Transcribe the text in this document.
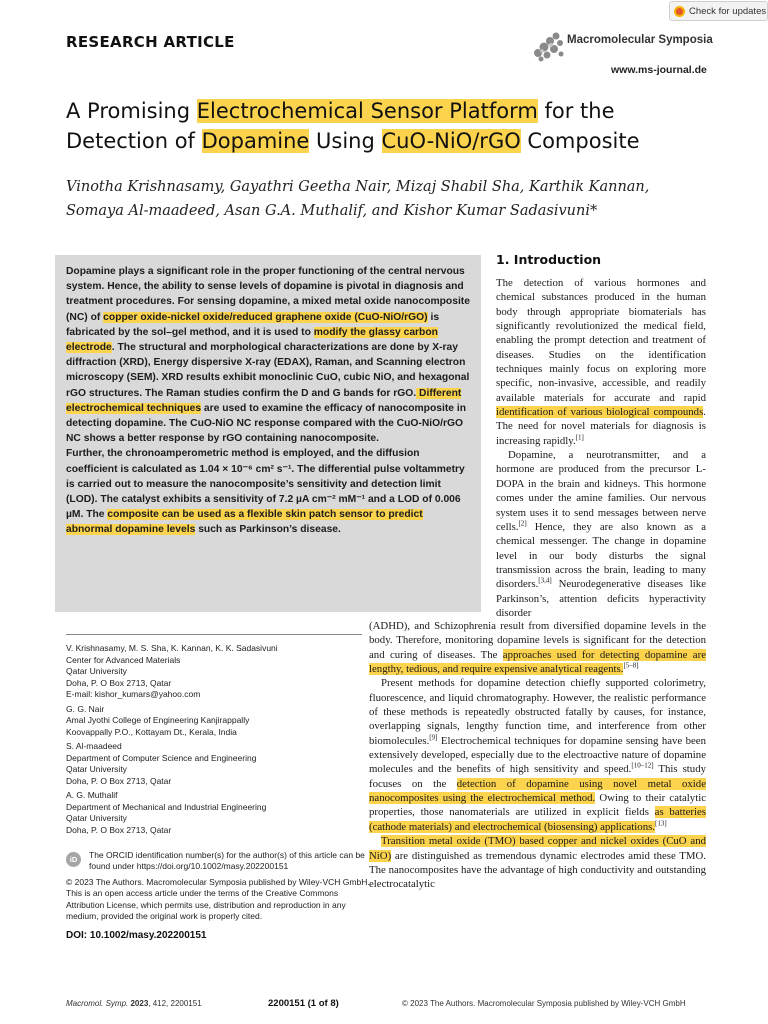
Check for updates
RESEARCH ARTICLE	Macromolecular Symposia
www.ms-journal.de
A Promising Electrochemical Sensor Platform for the Detection of Dopamine Using CuO-NiO/rGO Composite
Vinotha Krishnasamy, Gayathri Geetha Nair, Mizaj Shabil Sha, Karthik Kannan, Somaya Al-maadeed, Asan G.A. Muthalif, and Kishor Kumar Sadasivuni*

Dopamine plays a significant role in the proper functioning of the central nervous system. Hence, the ability to sense levels of dopamine is pivotal in diagnosis and treatment procedures. For sensing dopamine, a mixed metal oxide nanocomposite (NC) of copper oxide-nickel oxide/reduced graphene oxide (CuO-NiO/rGO) is fabricated by the sol–gel method, and it is used to modify the glassy carbon electrode. The structural and morphological characterizations are done by X-ray diffraction (XRD), Energy dispersive X-ray (EDAX), Raman, and Scanning electron microscopy (SEM). XRD results exhibit monoclinic CuO, cubic NiO, and hexagonal rGO structures. The Raman studies confirm the D and G bands for rGO. Different electrochemical techniques are used to examine the efficacy of nanocomposite in detecting dopamine. The CuO-NiO NC response compared with the CuO-NiO/rGO NC shows a better response by rGO containing nanocomposite.

Further, the chronoamperometric method is employed, and the diffusion coefficient is calculated as 1.04 × 10⁻⁶ cm² s⁻¹. The differential pulse voltammetry is carried out to measure the nanocomposite’s sensitivity and detection limit (LOD). The catalyst exhibits a sensitivity of 7.2 µA cm⁻² mM⁻¹ and a LOD of 0.006 µM. The composite can be used as a flexible skin patch sensor to predict abnormal dopamine levels such as Parkinson’s disease.

1. Introduction

The detection of various hormones and chemical substances produced in the human body through appropriate biomaterials has significantly revolutionized the medical field, enabling the prompt detection and treatment of diseases. Studies on the identification techniques mainly focus on exploring more specific, non-invasive, accessible, and readily available materials for accurate and rapid identification of various biological compounds. The need for novel materials for diagnosis is increasing rapidly.[1]

Dopamine, a neurotransmitter, and a hormone are produced from the precursor L-DOPA in the brain and kidneys. This hormone comes under the amine families. Our nervous system uses it to send messages between nerve cells.[2] Hence, they are also known as a chemical messenger. The change in dopamine level in our body disturbs the signal transmission across the brain, leading to many disorders.[3,4] Neurodegenerative diseases like Parkinson’s, attention deficits hyperactivity disorder

(ADHD), and Schizophrenia result from diversified dopamine levels in the body. Therefore, monitoring dopamine levels is significant for the detection and curing of diseases. The approaches used for detecting dopamine are lengthy, tedious, and require expensive analytical reagents.[5–8]

Present methods for dopamine detection chiefly supported colorimetry, fluorescence, and liquid chromatography. However, the realistic performance of these methods is repeatedly obstructed fatally by causes, for instance, overlapping signals, lengthy function time, and interference from other biomolecules.[9] Electrochemical techniques for dopamine sensing have been extensively developed, especially due to the electroactive nature of dopamine molecules and the benefits of high sensitivity and speed.[10–12] This study focuses on the detection of dopamine using novel metal oxide nanocomposites using the electrochemical method. Owing to their catalytic properties, those nanomaterials are utilized in explicit fields as batteries (cathode materials) and electrochemical (biosensing) applications.[13]

Transition metal oxide (TMO) based copper and nickel oxides (CuO and NiO) are distinguished as tremendous dynamic electrodes amid these TMO. The nanocomposites have the advantage of high conductivity and outstanding electrocatalytic

V. Krishnasamy, M. S. Sha, K. Kannan, K. K. Sadasivuni
Center for Advanced Materials
Qatar University
Doha, P. O Box 2713, Qatar
E-mail: kishor_kumars@yahoo.com
G. G. Nair
Amal Jyothi College of Engineering Kanjirappally
Koovappally P.O., Kottayam Dt., Kerala, India
S. Al-maadeed
Department of Computer Science and Engineering
Qatar University
Doha, P. O Box 2713, Qatar
A. G. Muthalif
Department of Mechanical and Industrial Engineering
Qatar University
Doha, P. O Box 2713, Qatar
iD	The ORCID identification number(s) for the author(s) of this article can be found under https://doi.org/10.1002/masy.202200151
© 2023 The Authors. Macromolecular Symposia published by Wiley-VCH GmbH. This is an open access article under the terms of the Creative Commons Attribution License, which permits use, distribution and reproduction in any medium, provided the original work is properly cited.
DOI: 10.1002/masy.202200151
Macromol. Symp. 2023, 412, 2200151	2200151 (1 of 8)	© 2023 The Authors. Macromolecular Symposia published by Wiley-VCH GmbH
